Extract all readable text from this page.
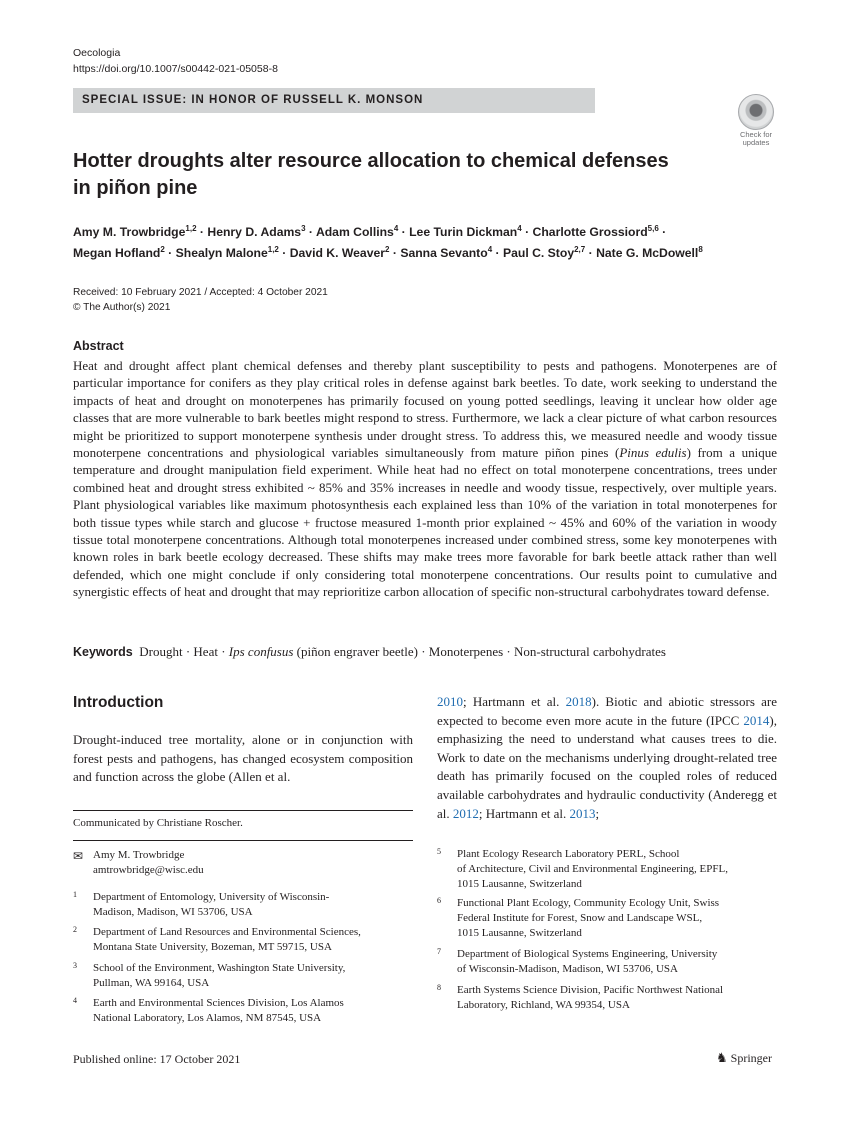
Oecologia
https://doi.org/10.1007/s00442-021-05058-8
SPECIAL ISSUE: IN HONOR OF RUSSELL K. MONSON
Check for
updates
Hotter droughts alter resource allocation to chemical defenses
in piñon pine
Amy M. Trowbridge$^{1,2}$ · Henry D. Adams$^3$ · Adam Collins$^4$ · Lee Turin Dickman$^4$ · Charlotte Grossiord$^{5,6}$ ·
Megan Hofland$^2$ · Shealyn Malone$^{1,2}$ · David K. Weaver$^2$ · Sanna Sevanto$^4$ · Paul C. Stoy$^{2,7}$ · Nate G. McDowell$^8$
Received: 10 February 2021 / Accepted: 4 October 2021
© The Author(s) 2021
Abstract
Heat and drought affect plant chemical defenses and thereby plant susceptibility to pests and pathogens. Monoterpenes are of particular importance for conifers as they play critical roles in defense against bark beetles. To date, work seeking to understand the impacts of heat and drought on monoterpenes has primarily focused on young potted seedlings, leaving it unclear how older age classes that are more vulnerable to bark beetles might respond to stress. Furthermore, we lack a clear picture of what carbon resources might be prioritized to support monoterpene synthesis under drought stress. To address this, we measured needle and woody tissue monoterpene concentrations and physiological variables simultaneously from mature piñon pines (Pinus edulis) from a unique temperature and drought manipulation field experiment. While heat had no effect on total monoterpene concentrations, trees under combined heat and drought stress exhibited ~ 85% and 35% increases in needle and woody tissue, respectively, over multiple years. Plant physiological variables like maximum photosynthesis each explained less than 10% of the variation in total monoterpenes for both tissue types while starch and glucose + fructose measured 1-month prior explained ~ 45% and 60% of the variation in woody tissue total monoterpene concentrations. Although total monoterpenes increased under combined stress, some key monoterpenes with known roles in bark beetle ecology decreased. These shifts may make trees more favorable for bark beetle attack rather than well defended, which one might conclude if only considering total monoterpene concentrations. Our results point to cumulative and synergistic effects of heat and drought that may reprioritize carbon allocation of specific non-structural carbohydrates toward defense.
Keywords Drought · Heat · Ips confusus (piñon engraver beetle) · Monoterpenes · Non-structural carbohydrates
Introduction
Drought-induced tree mortality, alone or in conjunction with forest pests and pathogens, has changed ecosystem composition and function across the globe (Allen et al.
2010; Hartmann et al. 2018). Biotic and abiotic stressors are expected to become even more acute in the future (IPCC 2014), emphasizing the need to understand what causes trees to die. Work to date on the mechanisms underlying drought-related tree death has primarily focused on the coupled roles of reduced available carbohydrates and hydraulic conductivity (Anderegg et al. 2012; Hartmann et al. 2013;
Communicated by Christiane Roscher.
✉ Amy M. Trowbridge
amtrowbridge@wisc.edu
1 Department of Entomology, University of Wisconsin-
Madison, Madison, WI 53706, USA
2 Department of Land Resources and Environmental Sciences,
Montana State University, Bozeman, MT 59715, USA
3 School of the Environment, Washington State University,
Pullman, WA 99164, USA
4 Earth and Environmental Sciences Division, Los Alamos
National Laboratory, Los Alamos, NM 87545, USA
5 Plant Ecology Research Laboratory PERL, School
of Architecture, Civil and Environmental Engineering, EPFL,
1015 Lausanne, Switzerland
6 Functional Plant Ecology, Community Ecology Unit, Swiss
Federal Institute for Forest, Snow and Landscape WSL,
1015 Lausanne, Switzerland
7 Department of Biological Systems Engineering, University
of Wisconsin-Madison, Madison, WI 53706, USA
8 Earth Systems Science Division, Pacific Northwest National
Laboratory, Richland, WA 99354, USA
Published online: 17 October 2021	♞ Springer
